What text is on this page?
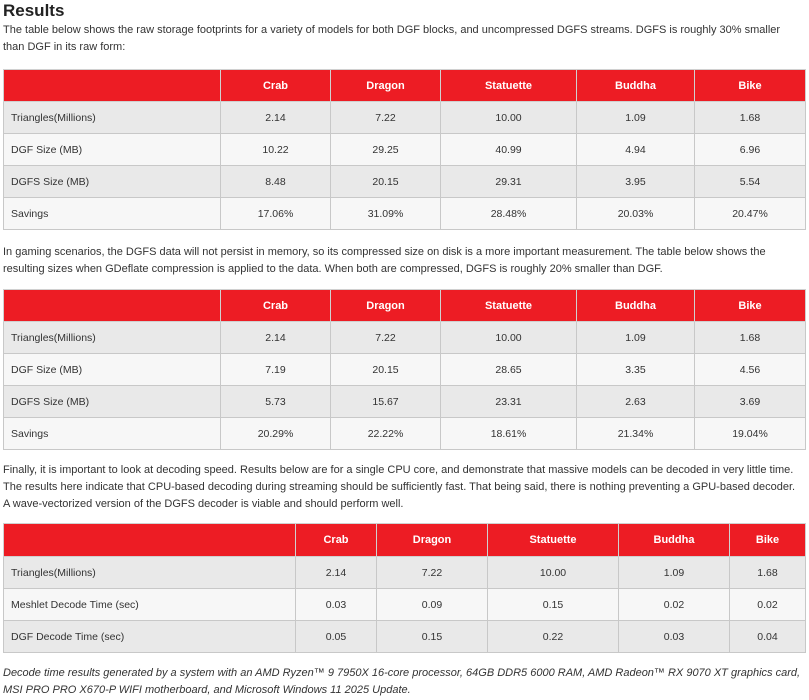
Results

The table below shows the raw storage footprints for a variety of models for both DGF blocks, and uncompressed DGFS streams. DGFS is roughly 30% smaller than DGF in its raw form:

	Crab	Dragon	Statuette	Buddha	Bike
Triangles(Millions)	2.14	7.22	10.00	1.09	1.68
DGF Size (MB)	10.22	29.25	40.99	4.94	6.96
DGFS Size (MB)	8.48	20.15	29.31	3.95	5.54
Savings	17.06%	31.09%	28.48%	20.03%	20.47%

In gaming scenarios, the DGFS data will not persist in memory, so its compressed size on disk is a more important measurement. The table below shows the resulting sizes when GDeflate compression is applied to the data. When both are compressed, DGFS is roughly 20% smaller than DGF.

	Crab	Dragon	Statuette	Buddha	Bike
Triangles(Millions)	2.14	7.22	10.00	1.09	1.68
DGF Size (MB)	7.19	20.15	28.65	3.35	4.56
DGFS Size (MB)	5.73	15.67	23.31	2.63	3.69
Savings	20.29%	22.22%	18.61%	21.34%	19.04%

Finally, it is important to look at decoding speed. Results below are for a single CPU core, and demonstrate that massive models can be decoded in very little time. The results here indicate that CPU-based decoding during streaming should be sufficiently fast. That being said, there is nothing preventing a GPU-based decoder. A wave-vectorized version of the DGFS decoder is viable and should perform well.

	Crab	Dragon	Statuette	Buddha	Bike
Triangles(Millions)	2.14	7.22	10.00	1.09	1.68
Meshlet Decode Time (sec)	0.03	0.09	0.15	0.02	0.02
DGF Decode Time (sec)	0.05	0.15	0.22	0.03	0.04

Decode time results generated by a system with an AMD Ryzen™ 9 7950X 16-core processor, 64GB DDR5 6000 RAM, AMD Radeon™ RX 9070 XT graphics card, MSI PRO PRO X670-P WIFI motherboard, and Microsoft Windows 11 2025 Update.
